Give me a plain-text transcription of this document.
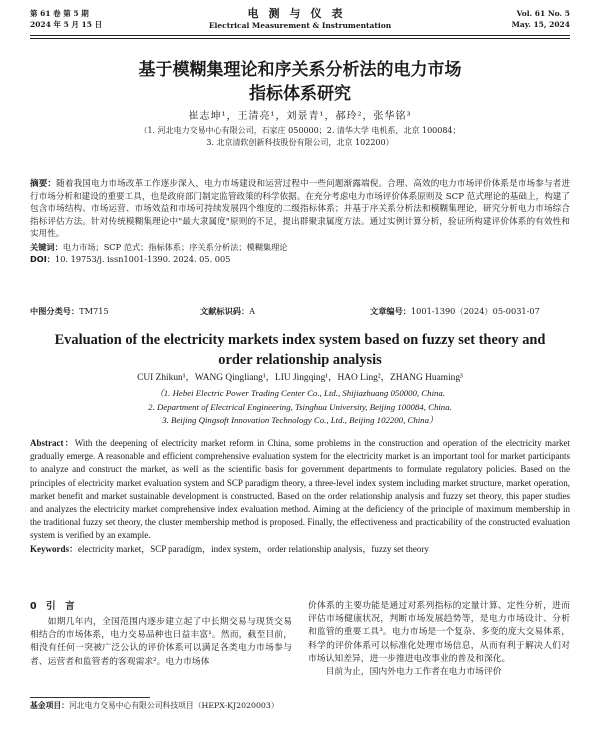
第 61 卷 第 5 期
2024 年 5 月 15 日
电测与仪表
Electrical Measurement & Instrumentation
Vol. 61 No. 5
May. 15, 2024
基于模糊集理论和序关系分析法的电力市场
指标体系研究
崔志坤¹，王清亮¹，刘景青¹，郝玲²，张华铭³
（1. 河北电力交易中心有限公司，石家庄 050000；2. 清华大学 电机系，北京 100084；
3. 北京清软创新科技股份有限公司，北京 102200）
摘要：随着我国电力市场改革工作逐步深入，电力市场建设和运营过程中一些问题渐露端倪。合理、高效的电力市场评价体系是市场参与者进行市场分析和建设的重要工具，也是政府部门制定监管政策的科学依据。在充分考虑电力市场评价体系原则及 SCP 范式理论的基础上，构建了包含市场结构、市场运营、市场效益和市场可持续发展四个维度的二级指标体系；并基于序关系分析法和模糊集理论，研究分析电力市场综合指标评估方法。针对传统模糊集理论中"最大隶属度"原则的不足，提出群聚隶属度方法。通过实例计算分析，验证所构建评价体系的有效性和实用性。
关键词：电力市场；SCP 范式；指标体系；序关系分析法；模糊集理论
DOI：10. 19753/j. issn1001-1390. 2024. 05. 005
中图分类号：TM715	文献标识码：A	文章编号：1001-1390（2024）05-0031-07
Evaluation of the electricity markets index system based on fuzzy set theory and
order relationship analysis
CUI Zhikun¹，WANG Qingliang¹，LIU Jingqing¹，HAO Ling²，ZHANG Huaming³
（1. Hebei Electric Power Trading Center Co., Ltd., Shijiazhuang 050000, China.
2. Department of Electrical Engineering, Tsinghua University, Beijing 100084, China.
3. Beijing Qingsoft Innovation Technology Co., Ltd., Beijing 102200, China）
Abstract：With the deepening of electricity market reform in China, some problems in the construction and operation of the electricity market gradually emerge. A reasonable and efficient comprehensive evaluation system for the electricity market is an important tool for market participants to analyze and construct the market, as well as the scientific basis for government departments to formulate regulatory policies. Based on the principles of electricity market evaluation system and SCP paradigm theory, a three-level index system including market structure, market operation, market benefit and market sustainable development is constructed. Based on the order relationship analysis and fuzzy set theory, this paper studies and analyzes the electricity market comprehensive index evaluation method. Aiming at the deficiency of the principle of maximum membership in the traditional fuzzy set theory, the cluster membership method is proposed. Finally, the effectiveness and practicability of the constructed evaluation system is verified by an example.
Keywords：electricity market，SCP paradigm，index system，order relationship analysis，fuzzy set theory
0　引　言

如期几年内，全国范围内逐步建立起了中长期交易与现货交易相结合的市场体系，电力交易品种也日益丰富¹。然而，截至目前，相没有任何一突被广泛公认的评价体系可以满足各类电力市场参与者、运营者和监管者的客观需求²。电力市场体

价体系的主要功能是通过对系列指标的定量计算、定性分析，进而评估市场健康状况，判断市场发展趋势等，是电力市场设计、分析和监管的重要工具³。电力市场是一个复杂、多变的庞大交易体系，科学的评价体系可以标准化处理市场信息，从而有利于解决人们对市场认知差异，进一步推进电改事业的普及和深化。

目前为止，国内外电力工作者在电力市场评价

基金项目：河北电力交易中心有限公司科技项目（HEPX-KJ2020003）
